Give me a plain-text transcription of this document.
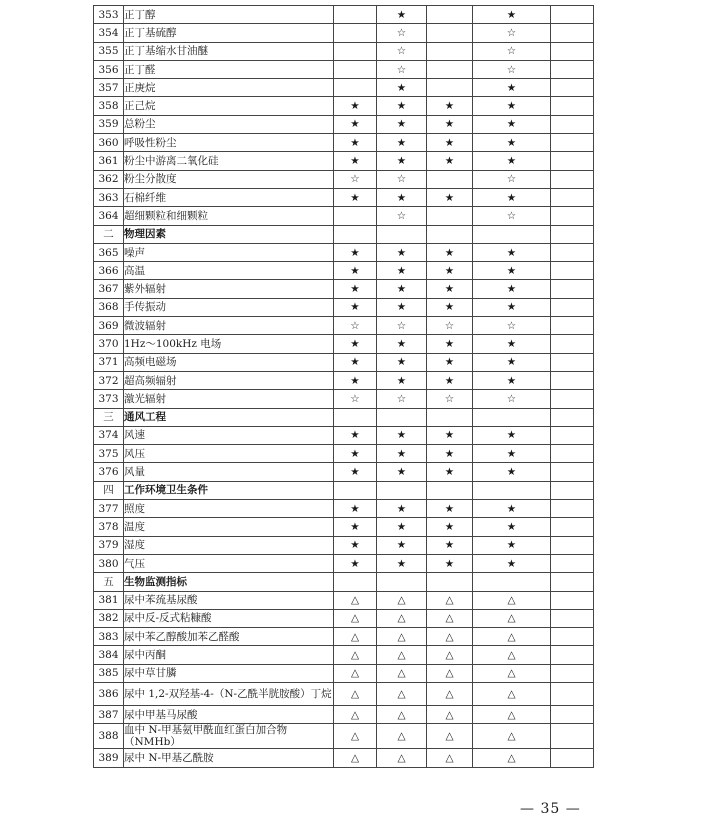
353	正丁醇		★		★	
354	正丁基硫醇		☆		☆	
355	正丁基缩水甘油醚		☆		☆	
356	正丁醛		☆		☆	
357	正庚烷		★		★	
358	正己烷	★	★	★	★	
359	总粉尘	★	★	★	★	
360	呼吸性粉尘	★	★	★	★	
361	粉尘中游离二氧化硅	★	★	★	★	
362	粉尘分散度	☆	☆		☆	
363	石棉纤维	★	★	★	★	
364	超细颗粒和细颗粒		☆		☆	
二	物理因素					
365	噪声	★	★	★	★	
366	高温	★	★	★	★	
367	紫外辐射	★	★	★	★	
368	手传振动	★	★	★	★	
369	微波辐射	☆	☆	☆	☆	
370	1Hz～100kHz 电场	★	★	★	★	
371	高频电磁场	★	★	★	★	
372	超高频辐射	★	★	★	★	
373	激光辐射	☆	☆	☆	☆	
三	通风工程					
374	风速	★	★	★	★	
375	风压	★	★	★	★	
376	风量	★	★	★	★	
四	工作环境卫生条件					
377	照度	★	★	★	★	
378	温度	★	★	★	★	
379	湿度	★	★	★	★	
380	气压	★	★	★	★	
五	生物监测指标					
381	尿中苯巯基尿酸	△	△	△	△	
382	尿中反-反式粘糠酸	△	△	△	△	
383	尿中苯乙醇酸加苯乙醛酸	△	△	△	△	
384	尿中丙酮	△	△	△	△	
385	尿中草甘膦	△	△	△	△	
386	尿中 1,2-双羟基-4-（N-乙酰半胱胺酸）丁烷	△	△	△	△	
387	尿中甲基马尿酸	△	△	△	△	
388	血中 N-甲基氨甲酰血红蛋白加合物（NMHb）	△	△	△	△	
389	尿中 N-甲基乙酰胺	△	△	△	△	
— 35 —
